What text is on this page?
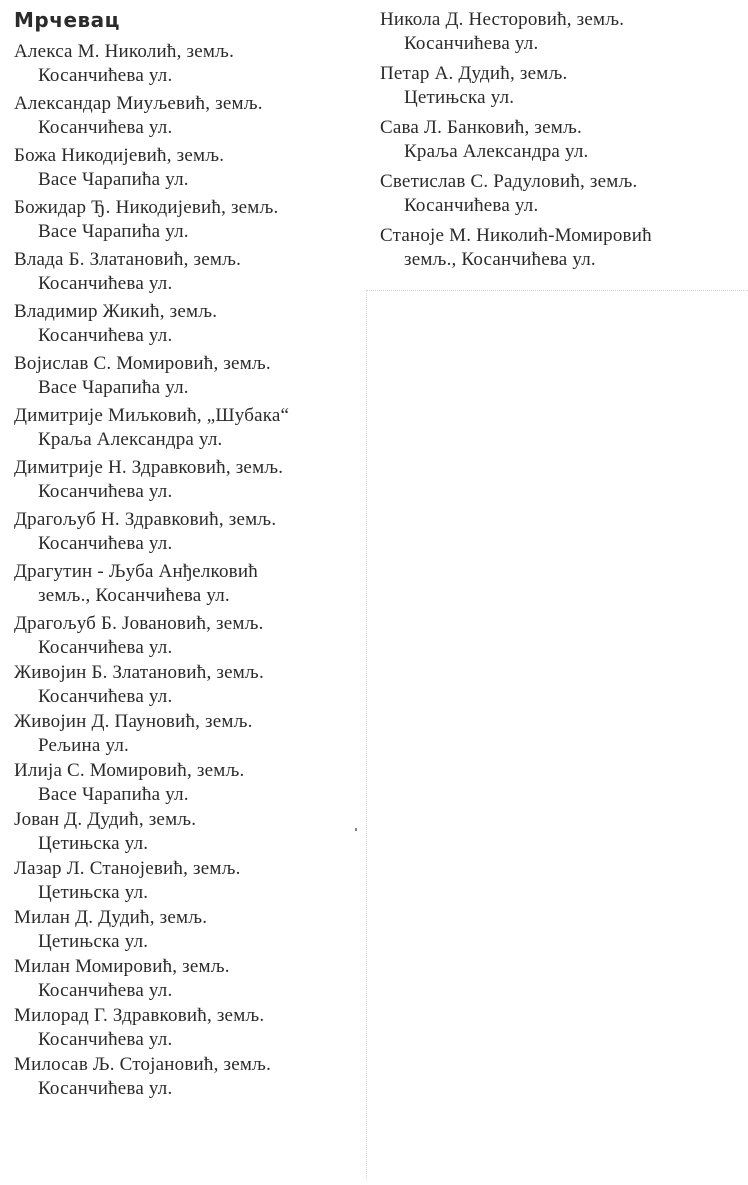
Мрчевац
Алекса М. Николић, земљ.
Косанчићева ул.
Александар Миуљевић, земљ.
Косанчићева ул.
Божа Никодијевић, земљ.
Васе Чарапића ул.
Божидар Ђ. Никодијевић, земљ.
Васе Чарапића ул.
Влада Б. Златановић, земљ.
Косанчићева ул.
Владимир Жикић, земљ.
Косанчићева ул.
Војислав С. Момировић, земљ.
Васе Чарапића ул.
Димитрије Миљковић, „Шубака“
Краља Александра ул.
Димитрије Н. Здравковић, земљ.
Косанчићева ул.
Драгољуб Н. Здравковић, земљ.
Косанчићева ул.
Драгутин - Љуба Анђелковић
земљ., Косанчићева ул.
Драгољуб Б. Јовановић, земљ.
Косанчићева ул.
Живојин Б. Златановић, земљ.
Косанчићева ул.
Живојин Д. Пауновић, земљ.
Рељина ул.
Илија С. Момировић, земљ.
Васе Чарапића ул.
Јован Д. Дудић, земљ.
Цетињска ул.
Лазар Л. Станојевић, земљ.
Цетињска ул.
Милан Д. Дудић, земљ.
Цетињска ул.
Милан Момировић, земљ.
Косанчићева ул.
Милорад Г. Здравковић, земљ.
Косанчићева ул.
Милосав Љ. Стојановић, земљ.
Косанчићева ул.
Никола Д. Несторовић, земљ.
Косанчићева ул.
Петар А. Дудић, земљ.
Цетињска ул.
Сава Л. Банковић, земљ.
Краља Александра ул.
Светислав С. Радуловић, земљ.
Косанчићева ул.
Станоје М. Николић-Момировић
земљ., Косанчићева ул.
